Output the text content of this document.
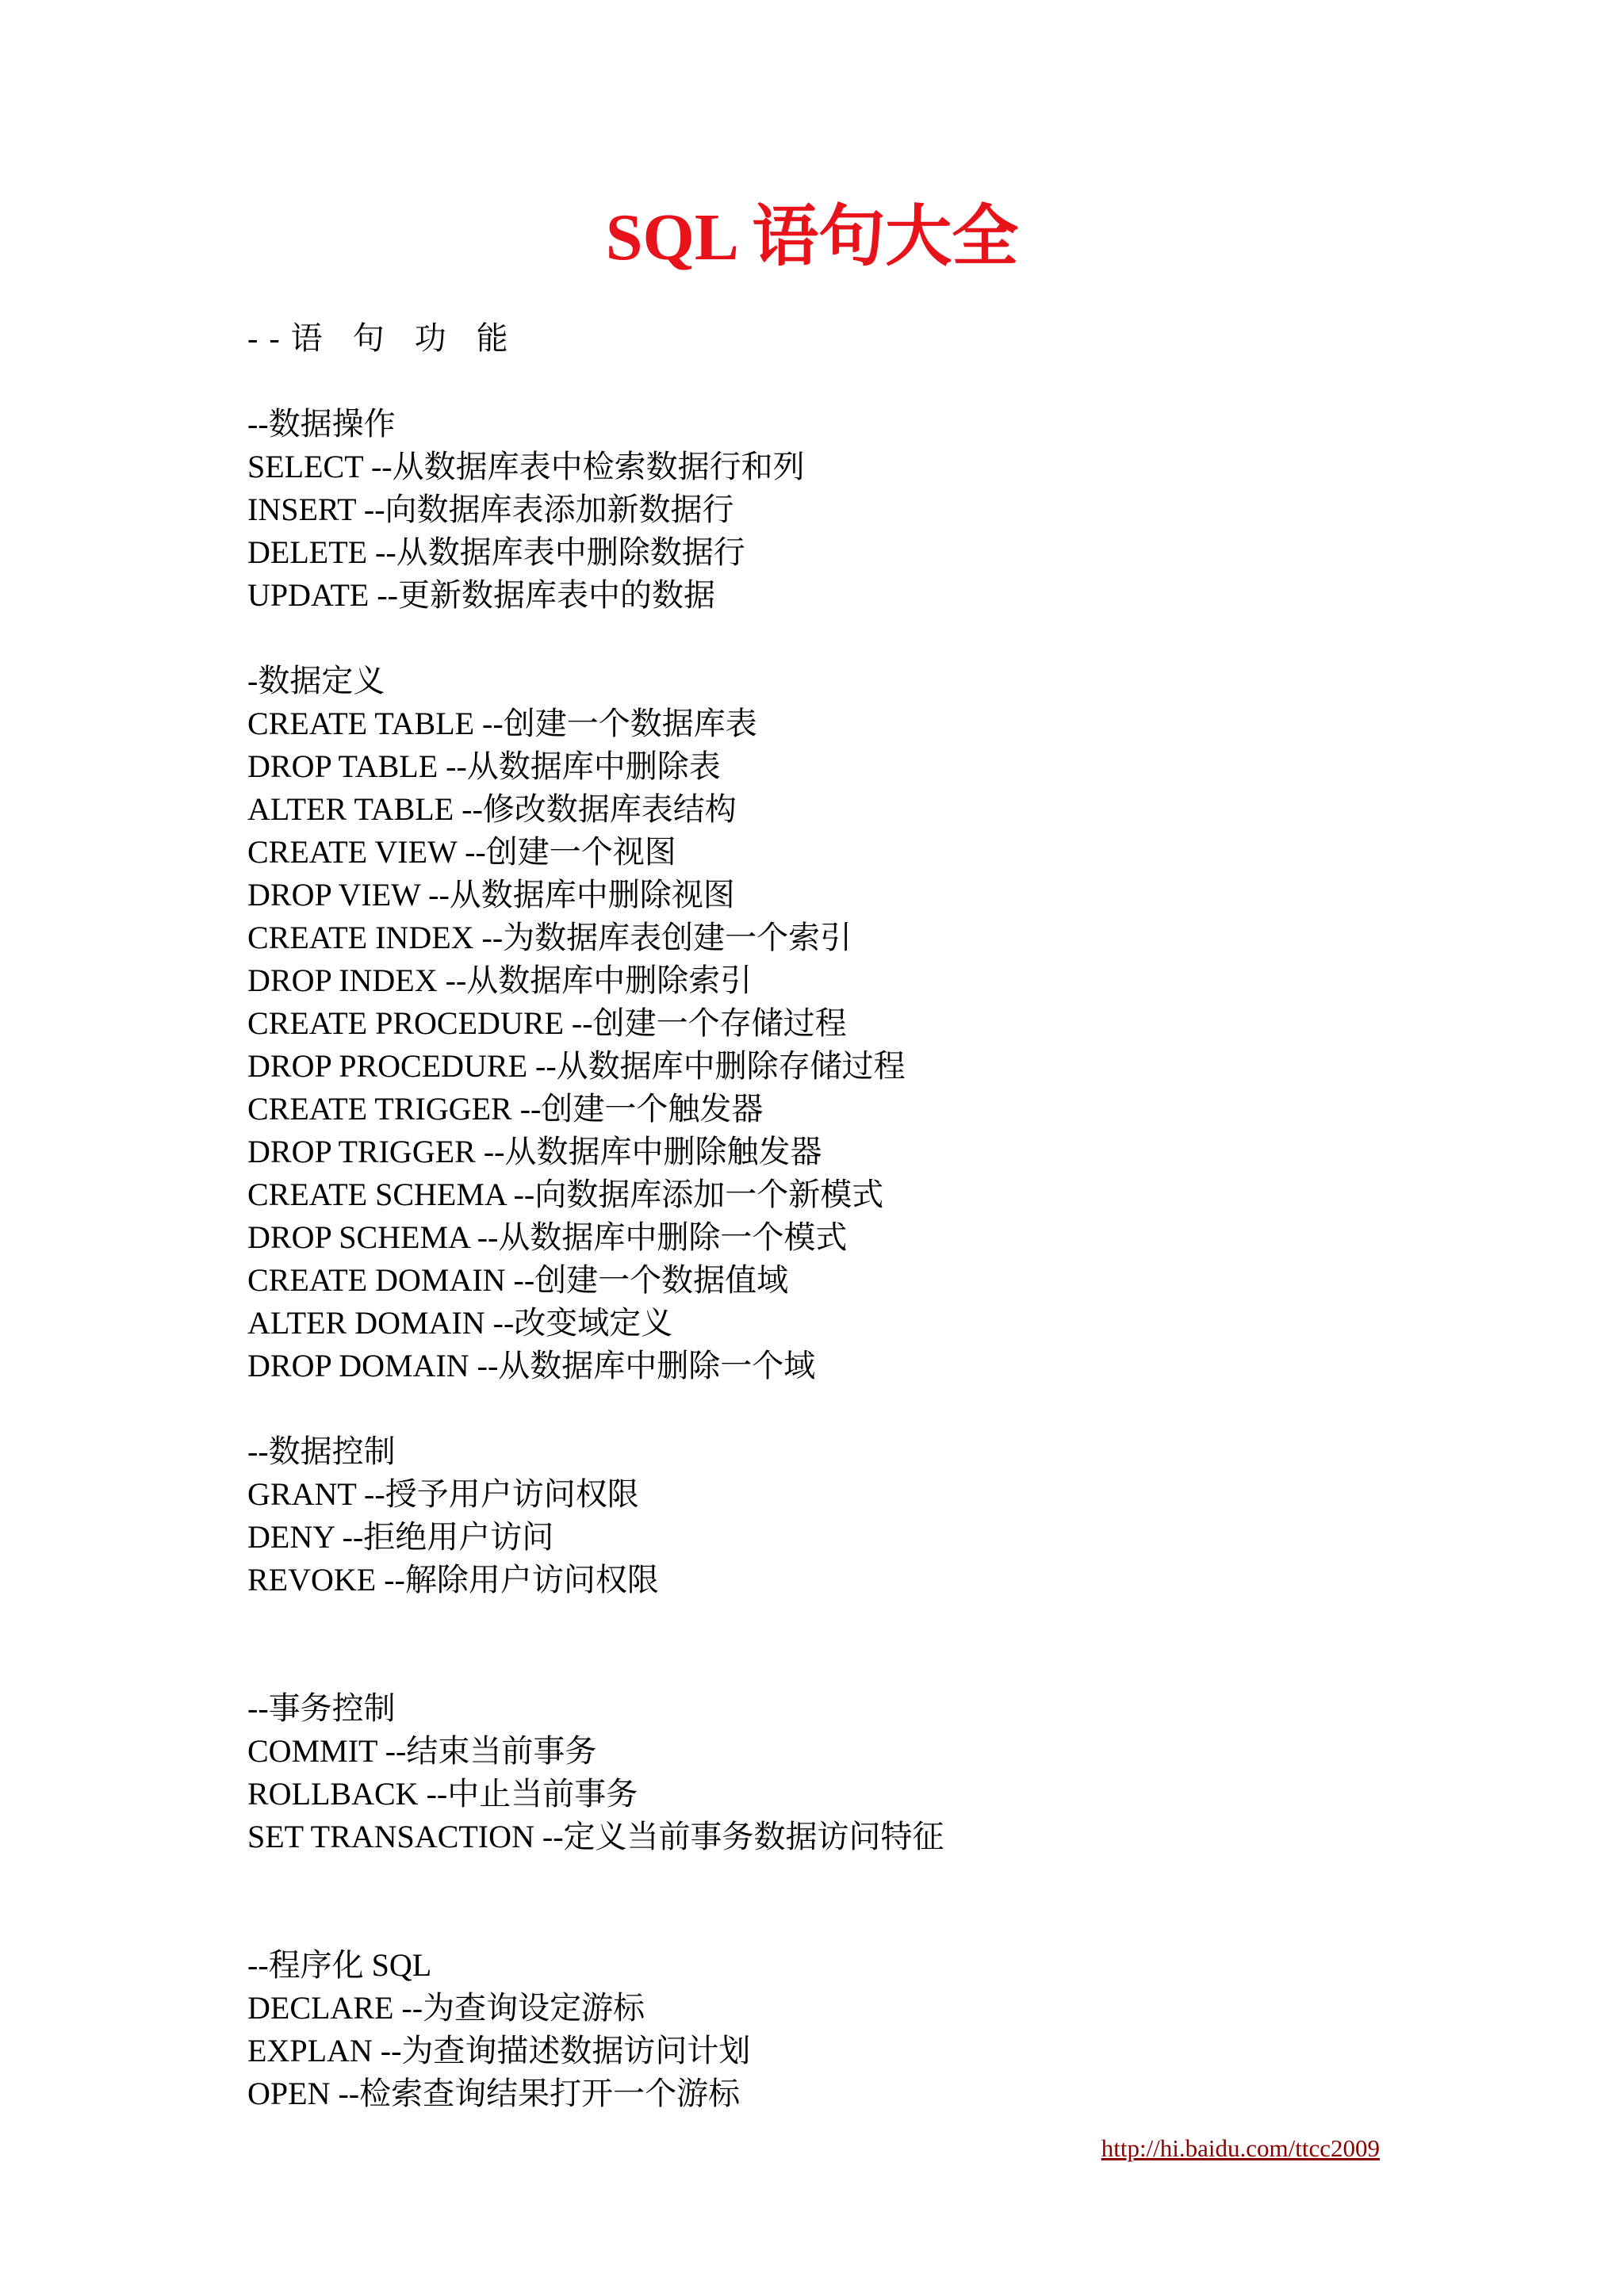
SQL 语句大全
--语 句 功 能
--数据操作
SELECT --从数据库表中检索数据行和列
INSERT --向数据库表添加新数据行
DELETE --从数据库表中删除数据行
UPDATE --更新数据库表中的数据
-数据定义
CREATE TABLE --创建一个数据库表
DROP TABLE --从数据库中删除表
ALTER TABLE --修改数据库表结构
CREATE VIEW --创建一个视图
DROP VIEW --从数据库中删除视图
CREATE INDEX --为数据库表创建一个索引
DROP INDEX --从数据库中删除索引
CREATE PROCEDURE --创建一个存储过程
DROP PROCEDURE --从数据库中删除存储过程
CREATE TRIGGER --创建一个触发器
DROP TRIGGER --从数据库中删除触发器
CREATE SCHEMA --向数据库添加一个新模式
DROP SCHEMA --从数据库中删除一个模式
CREATE DOMAIN --创建一个数据值域
ALTER DOMAIN --改变域定义
DROP DOMAIN --从数据库中删除一个域
--数据控制
GRANT --授予用户访问权限
DENY --拒绝用户访问
REVOKE --解除用户访问权限
--事务控制
COMMIT --结束当前事务
ROLLBACK --中止当前事务
SET TRANSACTION --定义当前事务数据访问特征
--程序化 SQL
DECLARE --为查询设定游标
EXPLAN --为查询描述数据访问计划
OPEN --检索查询结果打开一个游标
http://hi.baidu.com/ttcc2009
